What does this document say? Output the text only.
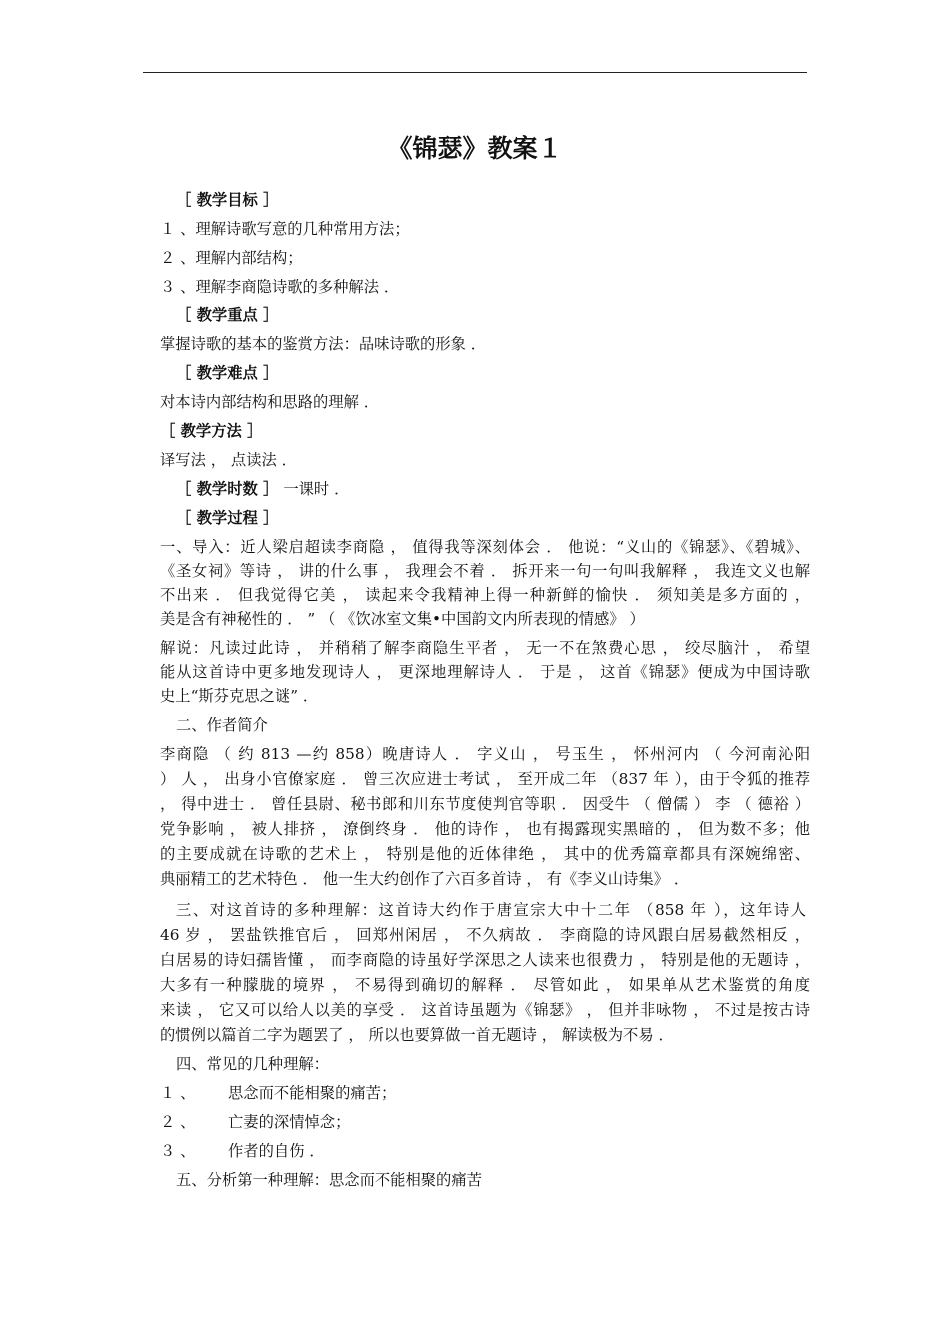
《锦瑟》教案１
［ 教学目标 ］
１ 、理解诗歌写意的几种常用方法；
２ 、理解内部结构；
３ 、理解李商隐诗歌的多种解法 ．
［ 教学重点 ］
掌握诗歌的基本的鉴赏方法：品味诗歌的形象 ．
［ 教学难点 ］
对本诗内部结构和思路的理解 ．
［ 教学方法 ］
译写法 ， 点读法 ．
［ 教学时数 ］ 一课时 ．
［ 教学过程 ］
一、导入：近人梁启超读李商隐 ， 值得我等深刻体会 ． 他说：“义山的《锦瑟》、《碧城》、
《圣女祠》等诗 ， 讲的什么事 ， 我理会不着 ． 拆开来一句一句叫我解释 ， 我连文义也解
不出来 ． 但我觉得它美 ， 读起来令我精神上得一种新鲜的愉快 ． 须知美是多方面的 ，
美是含有神秘性的 ． ” （ 《饮冰室文集•中国韵文内所表现的情感》 ）
解说：凡读过此诗 ， 并稍稍了解李商隐生平者 ， 无一不在煞费心思 ， 绞尽脑汁 ， 希望
能从这首诗中更多地发现诗人 ， 更深地理解诗人 ． 于是 ， 这首《锦瑟》便成为中国诗歌
史上“斯芬克思之谜” ．
二、作者简介
李商隐 （ 约 813 —约 858）晚唐诗人 ． 字义山 ， 号玉生 ， 怀州河内 （ 今河南沁阳
） 人 ， 出身小官僚家庭 ． 曾三次应进士考试 ， 至开成二年 （837 年 ），由于令狐的推荐
， 得中进士 ． 曾任县尉、秘书郎和川东节度使判官等职 ． 因受牛 （ 僧儒 ） 李 （ 德裕 ）
党争影响 ， 被人排挤 ， 潦倒终身 ． 他的诗作 ， 也有揭露现实黑暗的 ， 但为数不多；他
的主要成就在诗歌的艺术上 ， 特别是他的近体律绝 ， 其中的优秀篇章都具有深婉绵密、
典丽精工的艺术特色 ． 他一生大约创作了六百多首诗 ， 有《李义山诗集》 ．
三、对这首诗的多种理解：这首诗大约作于唐宣宗大中十二年 （858 年 ），这年诗人
46 岁 ， 罢盐铁推官后 ， 回郑州闲居 ， 不久病故 ． 李商隐的诗风跟白居易截然相反 ，
白居易的诗妇孺皆懂 ， 而李商隐的诗虽好学深思之人读来也很费力 ， 特别是他的无题诗 ，
大多有一种朦胧的境界 ， 不易得到确切的解释 ． 尽管如此 ， 如果单从艺术鉴赏的角度
来读 ， 它又可以给人以美的享受 ． 这首诗虽题为《锦瑟》 ， 但并非咏物 ， 不过是按古诗
的惯例以篇首二字为题罢了 ， 所以也要算做一首无题诗 ， 解读极为不易 ．
四、常见的几种理解：
１ 、 思念而不能相聚的痛苦；
２ 、 亡妻的深情悼念；
３ 、 作者的自伤 ．
五、分析第一种理解：思念而不能相聚的痛苦
